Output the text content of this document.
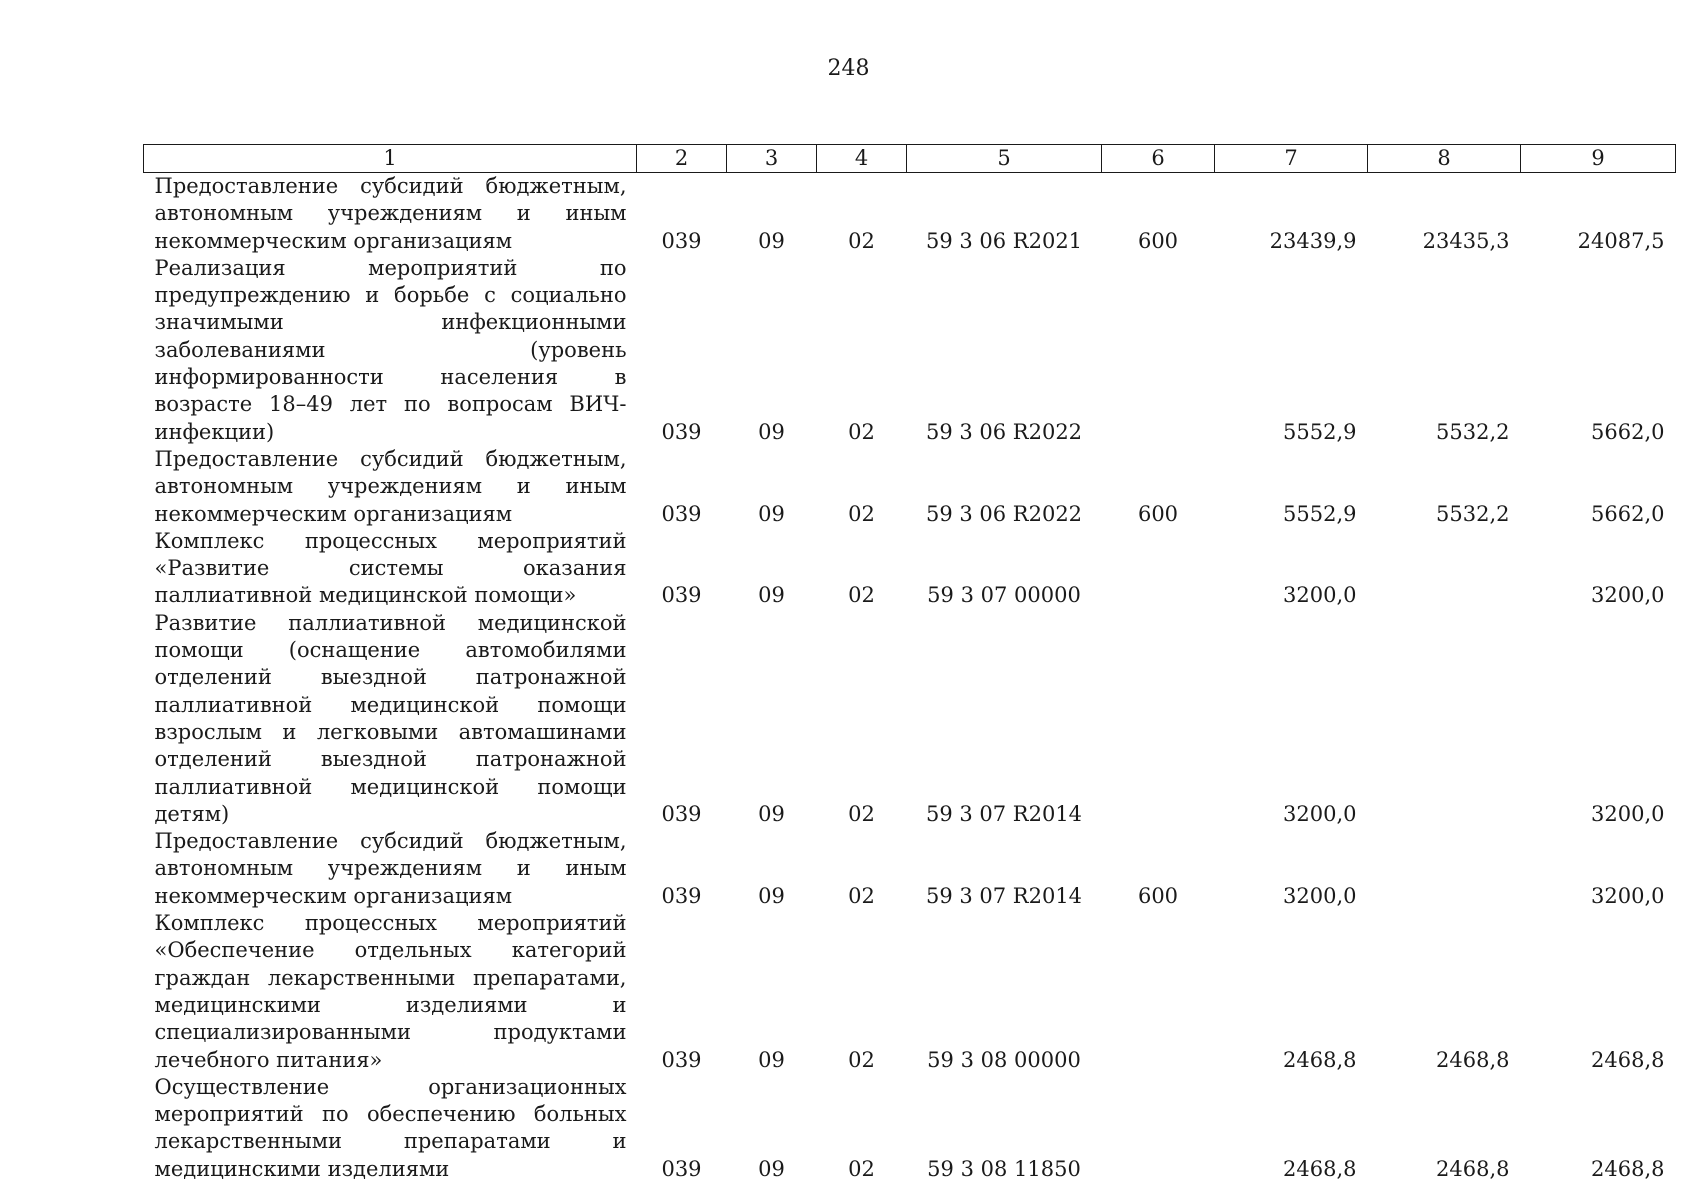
248
1	2	3	4	5	6	7	8	9
Предоставление субсидий бюджетным, автономным учреждениям и иным некоммерческим организациям	039	09	02	59 3 06 R2021	600	23439,9	23435,3	24087,5
Реализация мероприятий по предупреждению и борьбе с социально значимыми инфекционными заболеваниями (уровень информированности населения в возрасте 18–49 лет по вопросам ВИЧ-инфекции)	039	09	02	59 3 06 R2022		5552,9	5532,2	5662,0
Предоставление субсидий бюджетным, автономным учреждениям и иным некоммерческим организациям	039	09	02	59 3 06 R2022	600	5552,9	5532,2	5662,0
Комплекс процессных мероприятий «Развитие системы оказания паллиативной медицинской помощи»	039	09	02	59 3 07 00000		3200,0		3200,0
Развитие паллиативной медицинской помощи (оснащение автомобилями отделений выездной патронажной паллиативной медицинской помощи взрослым и легковыми автомашинами отделений выездной патронажной паллиативной медицинской помощи детям)	039	09	02	59 3 07 R2014		3200,0		3200,0
Предоставление субсидий бюджетным, автономным учреждениям и иным некоммерческим организациям	039	09	02	59 3 07 R2014	600	3200,0		3200,0
Комплекс процессных мероприятий «Обеспечение отдельных категорий граждан лекарственными препаратами, медицинскими изделиями и специализированными продуктами лечебного питания»	039	09	02	59 3 08 00000		2468,8	2468,8	2468,8
Осуществление организационных мероприятий по обеспечению больных лекарственными препаратами и медицинскими изделиями	039	09	02	59 3 08 11850		2468,8	2468,8	2468,8
